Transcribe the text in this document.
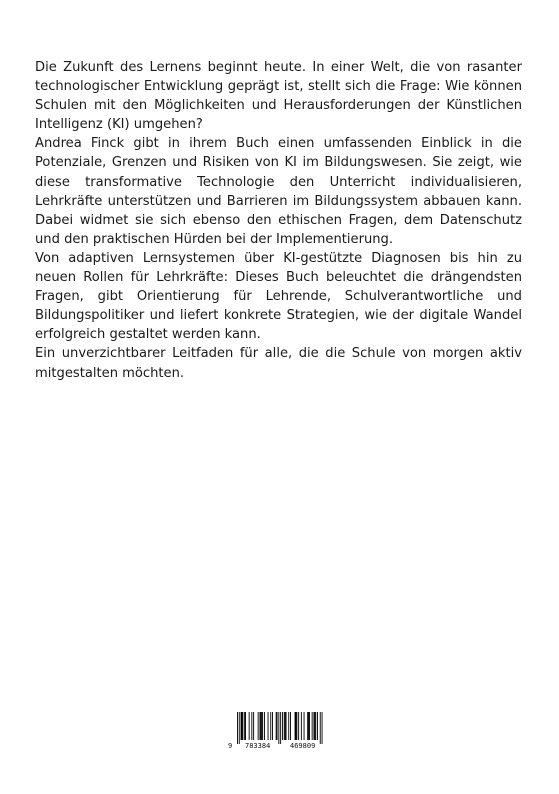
Die Zukunft des Lernens beginnt heute. In einer Welt, die von rasanter technologischer Entwicklung geprägt ist, stellt sich die Frage: Wie können Schulen mit den Möglichkeiten und Herausforderungen der Künstlichen Intelligenz (KI) umgehen?

Andrea Finck gibt in ihrem Buch einen umfassenden Einblick in die Potenziale, Grenzen und Risiken von KI im Bildungswesen. Sie zeigt, wie diese transformative Technologie den Unterricht individualisieren, Lehrkräfte unterstützen und Barrieren im Bildungssystem abbauen kann. Dabei widmet sie sich ebenso den ethischen Fragen, dem Datenschutz und den praktischen Hürden bei der Implementierung.

Von adaptiven Lernsystemen über KI-gestützte Diagnosen bis hin zu neuen Rollen für Lehrkräfte: Dieses Buch beleuchtet die drängendsten Fragen, gibt Orientierung für Lehrende, Schulverantwortliche und Bildungspolitiker und liefert konkrete Strategien, wie der digitale Wandel erfolgreich gestaltet werden kann.

Ein unverzichtbarer Leitfaden für alle, die die Schule von morgen aktiv mitgestalten möchten.

9 783384	469809
